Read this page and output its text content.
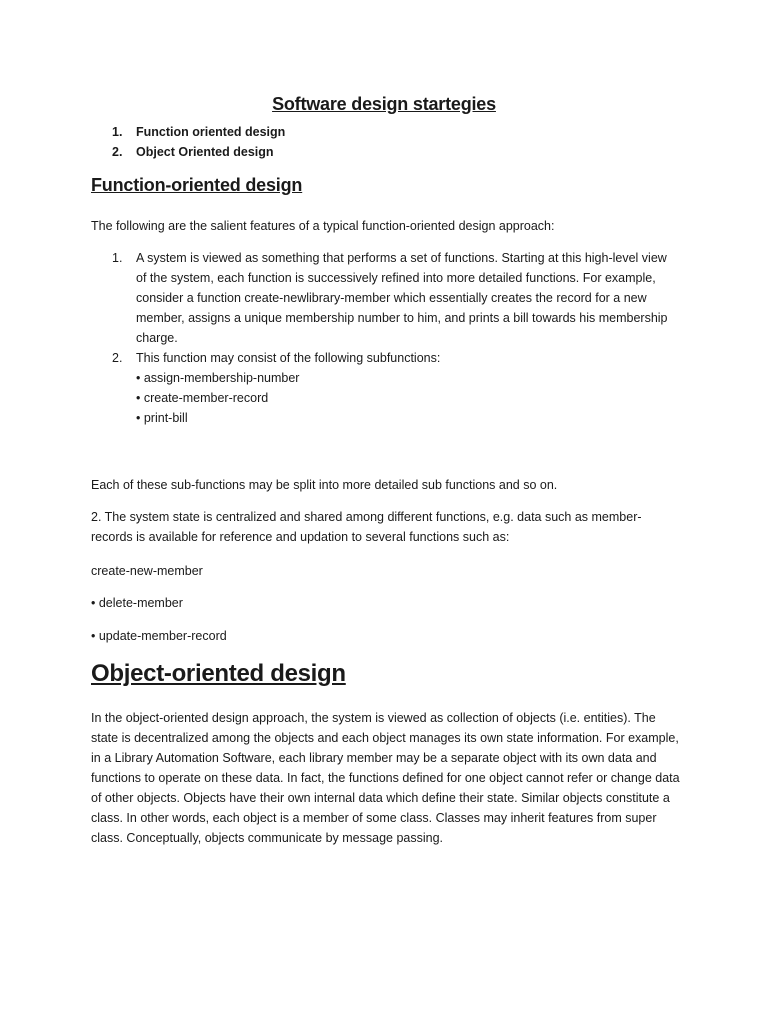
Software design startegies
1.	Function oriented design
2.	Object Oriented design
Function-oriented design

The following are the salient features of a typical function-oriented design approach:

1.	A system is viewed as something that performs a set of functions. Starting at this high-level view of the system, each function is successively refined into more detailed functions. For example, consider a function create-newlibrary-member which essentially creates the record for a new member, assigns a unique membership number to him, and prints a bill towards his membership charge.
2.	This function may consist of the following subfunctions:
• assign-membership-number
• create-member-record
• print-bill

Each of these sub-functions may be split into more detailed sub functions and so on.

2. The system state is centralized and shared among different functions, e.g. data such as member-records is available for reference and updation to several functions such as:

create-new-member

• delete-member

• update-member-record

Object-oriented design

In the object-oriented design approach, the system is viewed as collection of objects (i.e. entities). The state is decentralized among the objects and each object manages its own state information. For example, in a Library Automation Software, each library member may be a separate object with its own data and functions to operate on these data. In fact, the functions defined for one object cannot refer or change data of other objects. Objects have their own internal data which define their state. Similar objects constitute a class. In other words, each object is a member of some class. Classes may inherit features from super class. Conceptually, objects communicate by message passing.
